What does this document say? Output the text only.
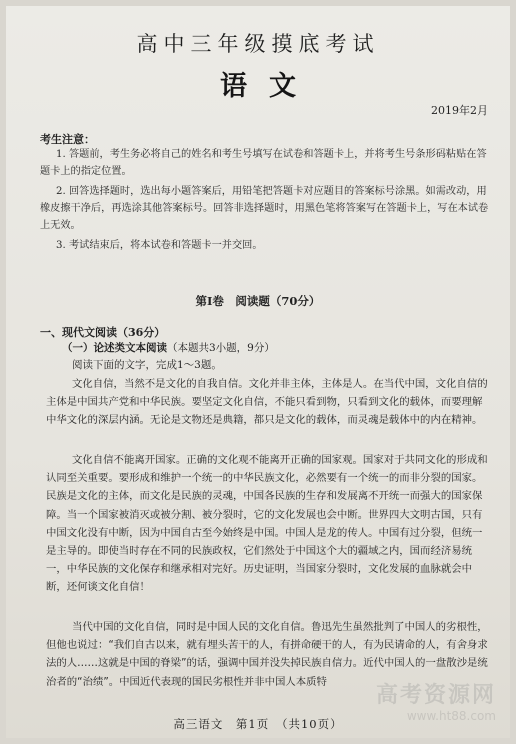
高中三年级摸底考试
语文
2019年2月
考生注意：
1. 答题前，考生务必将自己的姓名和考生号填写在试卷和答题卡上，并将考生号条形码粘贴在答题卡上的指定位置。
2. 回答选择题时，选出每小题答案后，用铅笔把答题卡对应题目的答案标号涂黑。如需改动，用橡皮擦干净后，再选涂其他答案标号。回答非选择题时，用黑色笔将答案写在答题卡上，写在本试卷上无效。
3. 考试结束后，将本试卷和答题卡一并交回。
第Ⅰ卷　阅读题（70分）
一、现代文阅读（36分）
（一）论述类文本阅读（本题共3小题，9分）
阅读下面的文字，完成1～3题。
文化自信，当然不是文化的自我自信。文化并非主体，主体是人。在当代中国，文化自信的主体是中国共产党和中华民族。要坚定文化自信，不能只看到物，只看到文化的载体，而要理解中华文化的深层内涵。无论是文物还是典籍，都只是文化的载体，而灵魂是载体中的内在精神。
文化自信不能离开国家。正确的文化观不能离开正确的国家观。国家对于共同文化的形成和认同至关重要。要形成和维护一个统一的中华民族文化，必然要有一个统一的而非分裂的国家。民族是文化的主体，而文化是民族的灵魂，中国各民族的生存和发展离不开统一而强大的国家保障。当一个国家被消灭或被分割、被分裂时，它的文化发展也会中断。世界四大文明古国，只有中国文化没有中断，因为中国自古至今始终是中国。中国人是龙的传人。中国有过分裂，但统一是主导的。即使当时存在不同的民族政权，它们然处于中国这个大的疆域之内，国而经济易统一，中华民族的文化保存和继承相对完好。历史证明，当国家分裂时，文化发展的血脉就会中断，还何谈文化自信！
当代中国的文化自信，同时是中国人民的文化自信。鲁迅先生虽然批判了中国人的劣根性，但他也说过：“我们自古以来，就有埋头苦干的人，有拼命硬干的人，有为民请命的人，有舍身求法的人……这就是中国的脊梁”的话，强调中国并没失掉民族自信力。近代中国人的一盘散沙是统治者的“治绩”。中国近代表现的国民劣根性并非中国人本质特
高考资源网
www.ht88.com
高三语文　第1页　（共10页）
